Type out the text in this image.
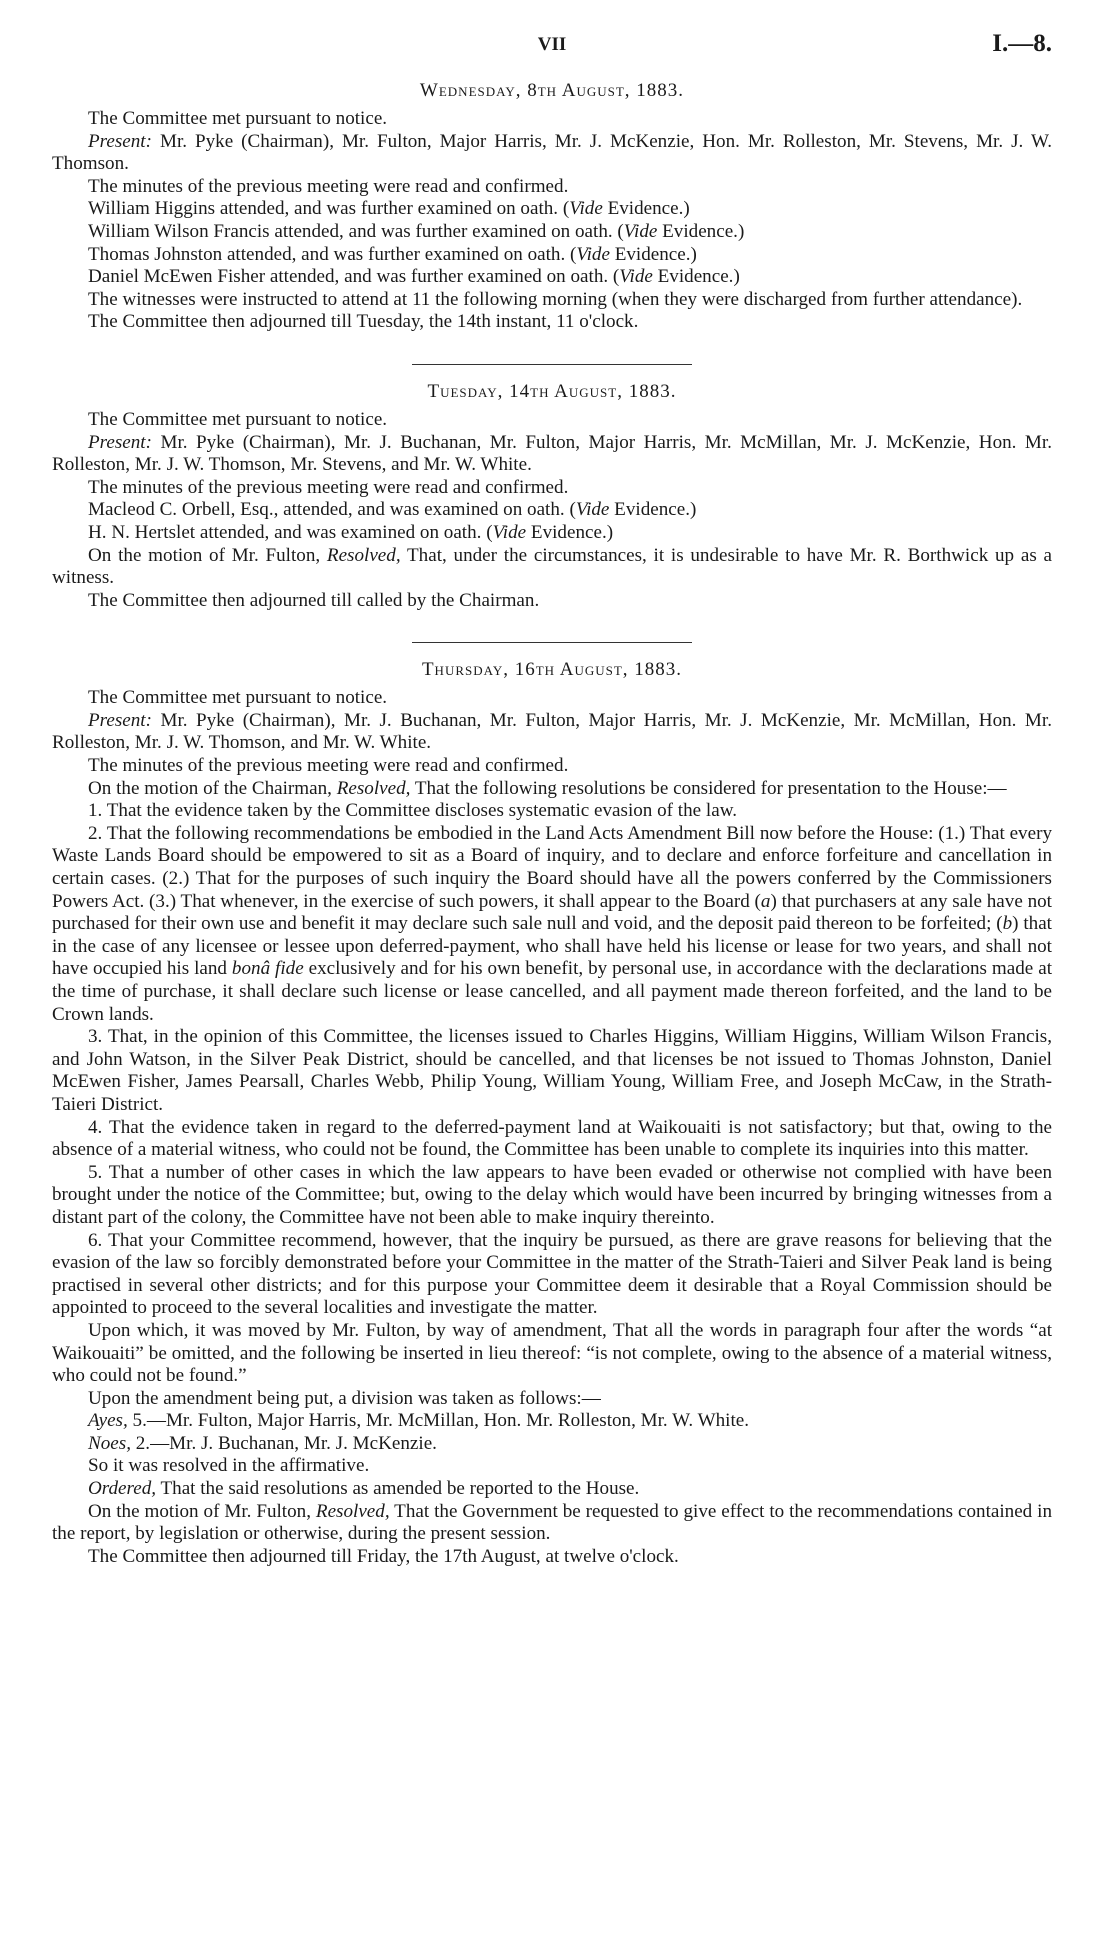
VII	I.—8.
Wednesday, 8th August, 1883.

The Committee met pursuant to notice.

Present: Mr. Pyke (Chairman), Mr. Fulton, Major Harris, Mr. J. McKenzie, Hon. Mr. Rolleston, Mr. Stevens, Mr. J. W. Thomson.

The minutes of the previous meeting were read and confirmed.

William Higgins attended, and was further examined on oath. (Vide Evidence.)

William Wilson Francis attended, and was further examined on oath. (Vide Evidence.)

Thomas Johnston attended, and was further examined on oath. (Vide Evidence.)

Daniel McEwen Fisher attended, and was further examined on oath. (Vide Evidence.)

The witnesses were instructed to attend at 11 the following morning (when they were discharged from further attendance).

The Committee then adjourned till Tuesday, the 14th instant, 11 o'clock.

Tuesday, 14th August, 1883.

The Committee met pursuant to notice.

Present: Mr. Pyke (Chairman), Mr. J. Buchanan, Mr. Fulton, Major Harris, Mr. McMillan, Mr. J. McKenzie, Hon. Mr. Rolleston, Mr. J. W. Thomson, Mr. Stevens, and Mr. W. White.

The minutes of the previous meeting were read and confirmed.

Macleod C. Orbell, Esq., attended, and was examined on oath. (Vide Evidence.)

H. N. Hertslet attended, and was examined on oath. (Vide Evidence.)

On the motion of Mr. Fulton, Resolved, That, under the circumstances, it is undesirable to have Mr. R. Borthwick up as a witness.

The Committee then adjourned till called by the Chairman.

Thursday, 16th August, 1883.

The Committee met pursuant to notice.

Present: Mr. Pyke (Chairman), Mr. J. Buchanan, Mr. Fulton, Major Harris, Mr. J. McKenzie, Mr. McMillan, Hon. Mr. Rolleston, Mr. J. W. Thomson, and Mr. W. White.

The minutes of the previous meeting were read and confirmed.

On the motion of the Chairman, Resolved, That the following resolutions be considered for presentation to the House:—

1. That the evidence taken by the Committee discloses systematic evasion of the law.

2. That the following recommendations be embodied in the Land Acts Amendment Bill now before the House: (1.) That every Waste Lands Board should be empowered to sit as a Board of inquiry, and to declare and enforce forfeiture and cancellation in certain cases. (2.) That for the purposes of such inquiry the Board should have all the powers conferred by the Commissioners Powers Act. (3.) That whenever, in the exercise of such powers, it shall appear to the Board (a) that purchasers at any sale have not purchased for their own use and benefit it may declare such sale null and void, and the deposit paid thereon to be forfeited; (b) that in the case of any licensee or lessee upon deferred-payment, who shall have held his license or lease for two years, and shall not have occupied his land bonâ fide exclusively and for his own benefit, by personal use, in accordance with the declarations made at the time of purchase, it shall declare such license or lease cancelled, and all payment made thereon forfeited, and the land to be Crown lands.

3. That, in the opinion of this Committee, the licenses issued to Charles Higgins, William Higgins, William Wilson Francis, and John Watson, in the Silver Peak District, should be cancelled, and that licenses be not issued to Thomas Johnston, Daniel McEwen Fisher, James Pearsall, Charles Webb, Philip Young, William Young, William Free, and Joseph McCaw, in the Strath-Taieri District.

4. That the evidence taken in regard to the deferred-payment land at Waikouaiti is not satisfactory; but that, owing to the absence of a material witness, who could not be found, the Committee has been unable to complete its inquiries into this matter.

5. That a number of other cases in which the law appears to have been evaded or otherwise not complied with have been brought under the notice of the Committee; but, owing to the delay which would have been incurred by bringing witnesses from a distant part of the colony, the Committee have not been able to make inquiry thereinto.

6. That your Committee recommend, however, that the inquiry be pursued, as there are grave reasons for believing that the evasion of the law so forcibly demonstrated before your Committee in the matter of the Strath-Taieri and Silver Peak land is being practised in several other districts; and for this purpose your Committee deem it desirable that a Royal Commission should be appointed to proceed to the several localities and investigate the matter.

Upon which, it was moved by Mr. Fulton, by way of amendment, That all the words in paragraph four after the words “at Waikouaiti” be omitted, and the following be inserted in lieu thereof: “is not complete, owing to the absence of a material witness, who could not be found.”

Upon the amendment being put, a division was taken as follows:—

Ayes, 5.—Mr. Fulton, Major Harris, Mr. McMillan, Hon. Mr. Rolleston, Mr. W. White.

Noes, 2.—Mr. J. Buchanan, Mr. J. McKenzie.

So it was resolved in the affirmative.

Ordered, That the said resolutions as amended be reported to the House.

On the motion of Mr. Fulton, Resolved, That the Government be requested to give effect to the recommendations contained in the report, by legislation or otherwise, during the present session.

The Committee then adjourned till Friday, the 17th August, at twelve o'clock.
